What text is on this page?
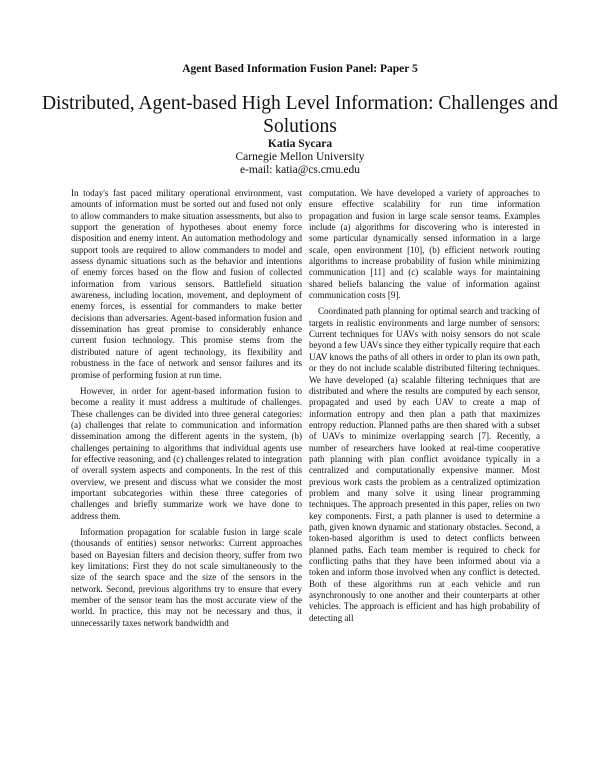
Agent Based Information Fusion Panel: Paper 5
Distributed, Agent-based High Level Information: Challenges and Solutions
Katia Sycara
Carnegie Mellon University
e-mail: katia@cs.cmu.edu

In today's fast paced military operational environment, vast amounts of information must be sorted out and fused not only to allow commanders to make situation assessments, but also to support the generation of hypotheses about enemy force disposition and enemy intent. An automation methodology and support tools are required to allow commanders to model and assess dynamic situations such as the behavior and intentions of enemy forces based on the flow and fusion of collected information from various sensors. Battlefield situation awareness, including location, movement, and deployment of enemy forces, is essential for commanders to make better decisions than adversaries. Agent-based information fusion and dissemination has great promise to considerably enhance current fusion technology. This promise stems from the distributed nature of agent technology, its flexibility and robustness in the face of network and sensor failures and its promise of performing fusion at run time.

However, in order for agent-based information fusion to become a reality it must address a multitude of challenges. These challenges can be divided into three general categories: (a) challenges that relate to communication and information dissemination among the different agents in the system, (b) challenges pertaining to algorithms that individual agents use for effective reasoning, and (c) challenges related to integration of overall system aspects and components. In the rest of this overview, we present and discuss what we consider the most important subcategories within these three categories of challenges and briefly summarize work we have done to address them.

Information propagation for scalable fusion in large scale (thousands of entities) sensor networks: Current approaches based on Bayesian filters and decision theory, suffer from two key limitations: First they do not scale simultaneously to the size of the search space and the size of the sensors in the network. Second, previous algorithms try to ensure that every member of the sensor team has the most accurate view of the world. In practice, this may not be necessary and thus, it unnecessarily taxes network bandwidth and

computation. We have developed a variety of approaches to ensure effective scalability for run time information propagation and fusion in large scale sensor teams. Examples include (a) algorithms for discovering who is interested in some particular dynamically sensed information in a large scale, open environment [10], (b) efficient network routing algorithms to increase probability of fusion while minimizing communication [11] and (c) scalable ways for maintaining shared beliefs balancing the value of information against communication costs [9].

Coordinated path planning for optimal search and tracking of targets in realistic environments and large number of sensors: Current techniques for UAVs with noisy sensors do not scale beyond a few UAVs since they either typically require that each UAV knows the paths of all others in order to plan its own path, or they do not include scalable distributed filtering techniques. We have developed (a) scalable filtering techniques that are distributed and where the results are computed by each sensor, propagated and used by each UAV to create a map of information entropy and then plan a path that maximizes entropy reduction. Planned paths are then shared with a subset of UAVs to minimize overlapping search [7]. Recently, a number of researchers have looked at real-time cooperative path planning with plan conflict avoidance typically in a centralized and computationally expensive manner. Most previous work casts the problem as a centralized optimization problem and many solve it using linear programming techniques. The approach presented in this paper, relies on two key components. First, a path planner is used to determine a path, given known dynamic and stationary obstacles. Second, a token-based algorithm is used to detect conflicts between planned paths. Each team member is required to check for conflicting paths that they have been informed about via a token and inform those involved when any conflict is detected. Both of these algorithms run at each vehicle and run asynchronously to one another and their counterparts at other vehicles. The approach is efficient and has high probability of detecting all
